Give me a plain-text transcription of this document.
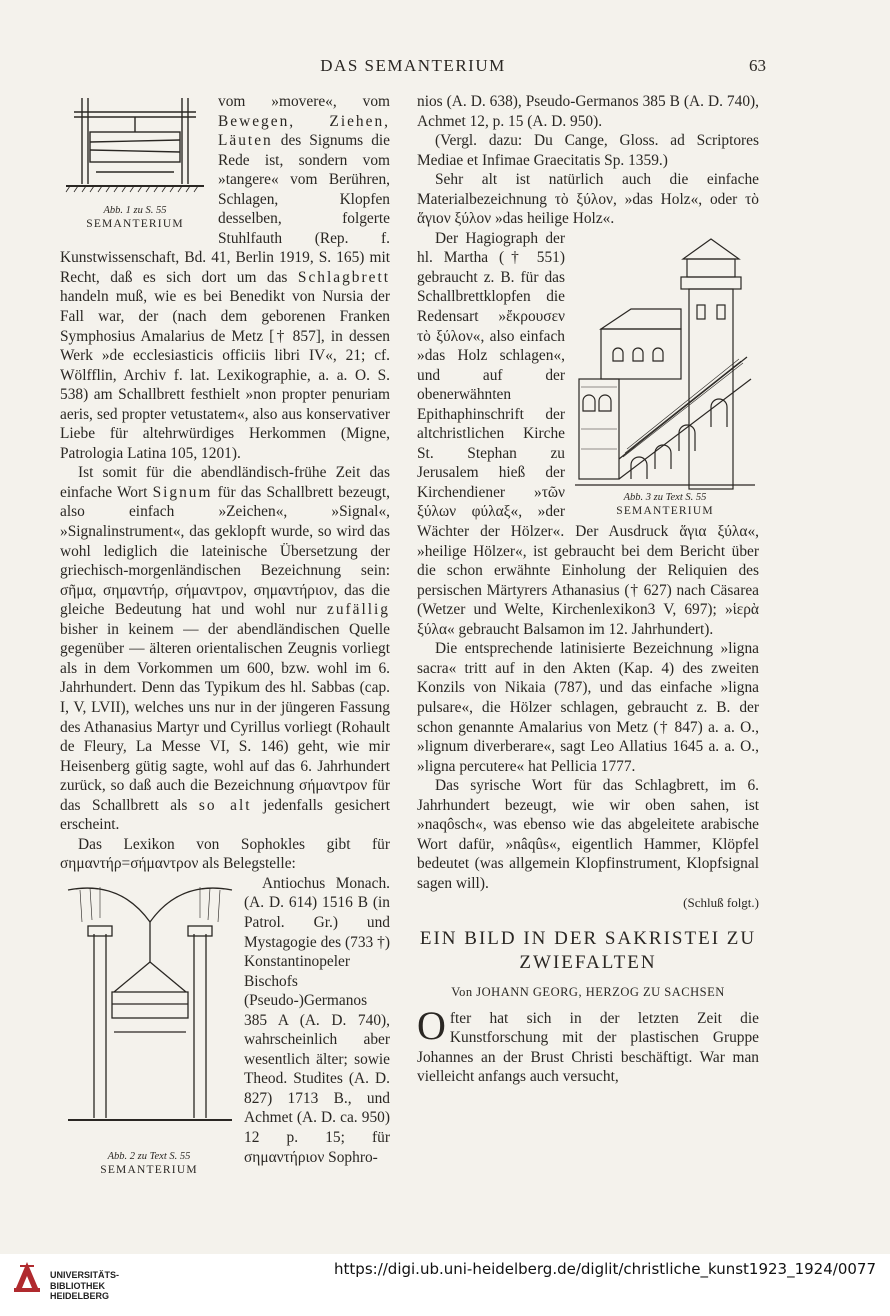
DAS SEMANTERIUM	63
Abb. 1 zu S. 55
SEMANTERIUM

vom »movere«, vom Bewegen, Ziehen, Läuten des Signums die Rede ist, sondern vom »tangere« vom Berühren, Schlagen, Klopfen desselben, folgerte Stuhlfauth (Rep. f. Kunstwissenschaft, Bd. 41, Berlin 1919, S. 165) mit Recht, daß es sich dort um das Schlagbrett handeln muß, wie es bei Benedikt von Nursia der Fall war, der (nach dem geborenen Franken Symphosius Amalarius de Metz [† 857], in dessen Werk »de ecclesiasticis officiis libri IV«, 21; cf. Wölfflin, Archiv f. lat. Lexikographie, a. a. O. S. 538) am Schallbrett festhielt »non propter penuriam aeris, sed propter vetustatem«, also aus konservativer Liebe für altehrwürdiges Herkommen (Migne, Patrologia Latina 105, 1201).

Ist somit für die abendländisch-frühe Zeit das einfache Wort Signum für das Schallbrett bezeugt, also einfach »Zeichen«, »Signal«, »Signalinstrument«, das geklopft wurde, so wird das wohl lediglich die lateinische Übersetzung der griechisch-morgenländischen Bezeichnung sein: σῆμα, σημαντήρ, σήμαντρον, σημαντήριον, das die gleiche Bedeutung hat und wohl nur zufällig bisher in keinem — der abendländischen Quelle gegenüber — älteren orientalischen Zeugnis vorliegt als in dem Vorkommen um 600, bzw. wohl im 6. Jahrhundert. Denn das Typikum des hl. Sabbas (cap. I, V, LVII), welches uns nur in der jüngeren Fassung des Athanasius Martyr und Cyrillus vorliegt (Rohault de Fleury, La Messe VI, S. 146) geht, wie mir Heisenberg gütig sagte, wohl auf das 6. Jahrhundert zurück, so daß auch die Bezeichnung σήμαντρον für das Schallbrett als so alt jedenfalls gesichert erscheint.

Das Lexikon von Sophokles gibt für σημαντήρ=σήμαντρον als Belegstelle:

Abb. 2 zu Text S. 55
SEMANTERIUM

Antiochus Monach. (A. D. 614) 1516 B (in Patrol. Gr.) und Mystagogie des (733 †) Konstantinopeler Bischofs (Pseudo-)Germanos 385 A (A. D. 740), wahrscheinlich aber wesentlich älter; sowie Theod. Studites (A. D. 827) 1713 B., und Achmet (A. D. ca. 950) 12 p. 15; für σημαντήριον Sophro-

nios (A. D. 638), Pseudo-Germanos 385 B (A. D. 740), Achmet 12, p. 15 (A. D. 950).

(Vergl. dazu: Du Cange, Gloss. ad Scriptores Mediae et Infimae Graecitatis Sp. 1359.)

Sehr alt ist natürlich auch die einfache Materialbezeichnung τὸ ξύλον, »das Holz«, oder τὸ ἅγιον ξύλον »das heilige Holz«.

Abb. 3 zu Text S. 55
SEMANTERIUM

Der Hagiograph der hl. Martha († 551) gebraucht z. B. für das Schallbrettklopfen die Redensart »ἔκρουσεν τὸ ξύλον«, also einfach »das Holz schlagen«, und auf der obenerwähnten Epithaphinschrift der altchristlichen Kirche St. Stephan zu Jerusalem hieß der Kirchendiener »τῶν ξύλων φύλαξ«, »der Wächter der Hölzer«. Der Ausdruck ἅγια ξύλα«, »heilige Hölzer«, ist gebraucht bei dem Bericht über die schon erwähnte Einholung der Reliquien des persischen Märtyrers Athanasius († 627) nach Cäsarea (Wetzer und Welte, Kirchenlexikon3 V, 697); »ἱερὰ ξύλα« gebraucht Balsamon im 12. Jahrhundert).

Die entsprechende latinisierte Bezeichnung »ligna sacra« tritt auf in den Akten (Kap. 4) des zweiten Konzils von Nikaia (787), und das einfache »ligna pulsare«, die Hölzer schlagen, gebraucht z. B. der schon genannte Amalarius von Metz († 847) a. a. O., »lignum diverberare«, sagt Leo Allatius 1645 a. a. O., »ligna percutere« hat Pellicia 1777.

Das syrische Wort für das Schlagbrett, im 6. Jahrhundert bezeugt, wie wir oben sahen, ist »naqôsch«, was ebenso wie das abgeleitete arabische Wort dafür, »nâqûs«, eigentlich Hammer, Klöpfel bedeutet (was allgemein Klopfinstrument, Klopfsignal sagen will).

(Schluß folgt.)
EIN BILD IN DER SAKRISTEI ZU ZWIEFALTEN
Von JOHANN GEORG, HERZOG ZU SACHSEN

Ofter hat sich in der letzten Zeit die Kunstforschung mit der plastischen Gruppe Johannes an der Brust Christi beschäftigt. War man vielleicht anfangs auch versucht,

UNIVERSITÄTS-
BIBLIOTHEK
HEIDELBERG
https://digi.ub.uni-heidelberg.de/diglit/christliche_kunst1923_1924/0077
